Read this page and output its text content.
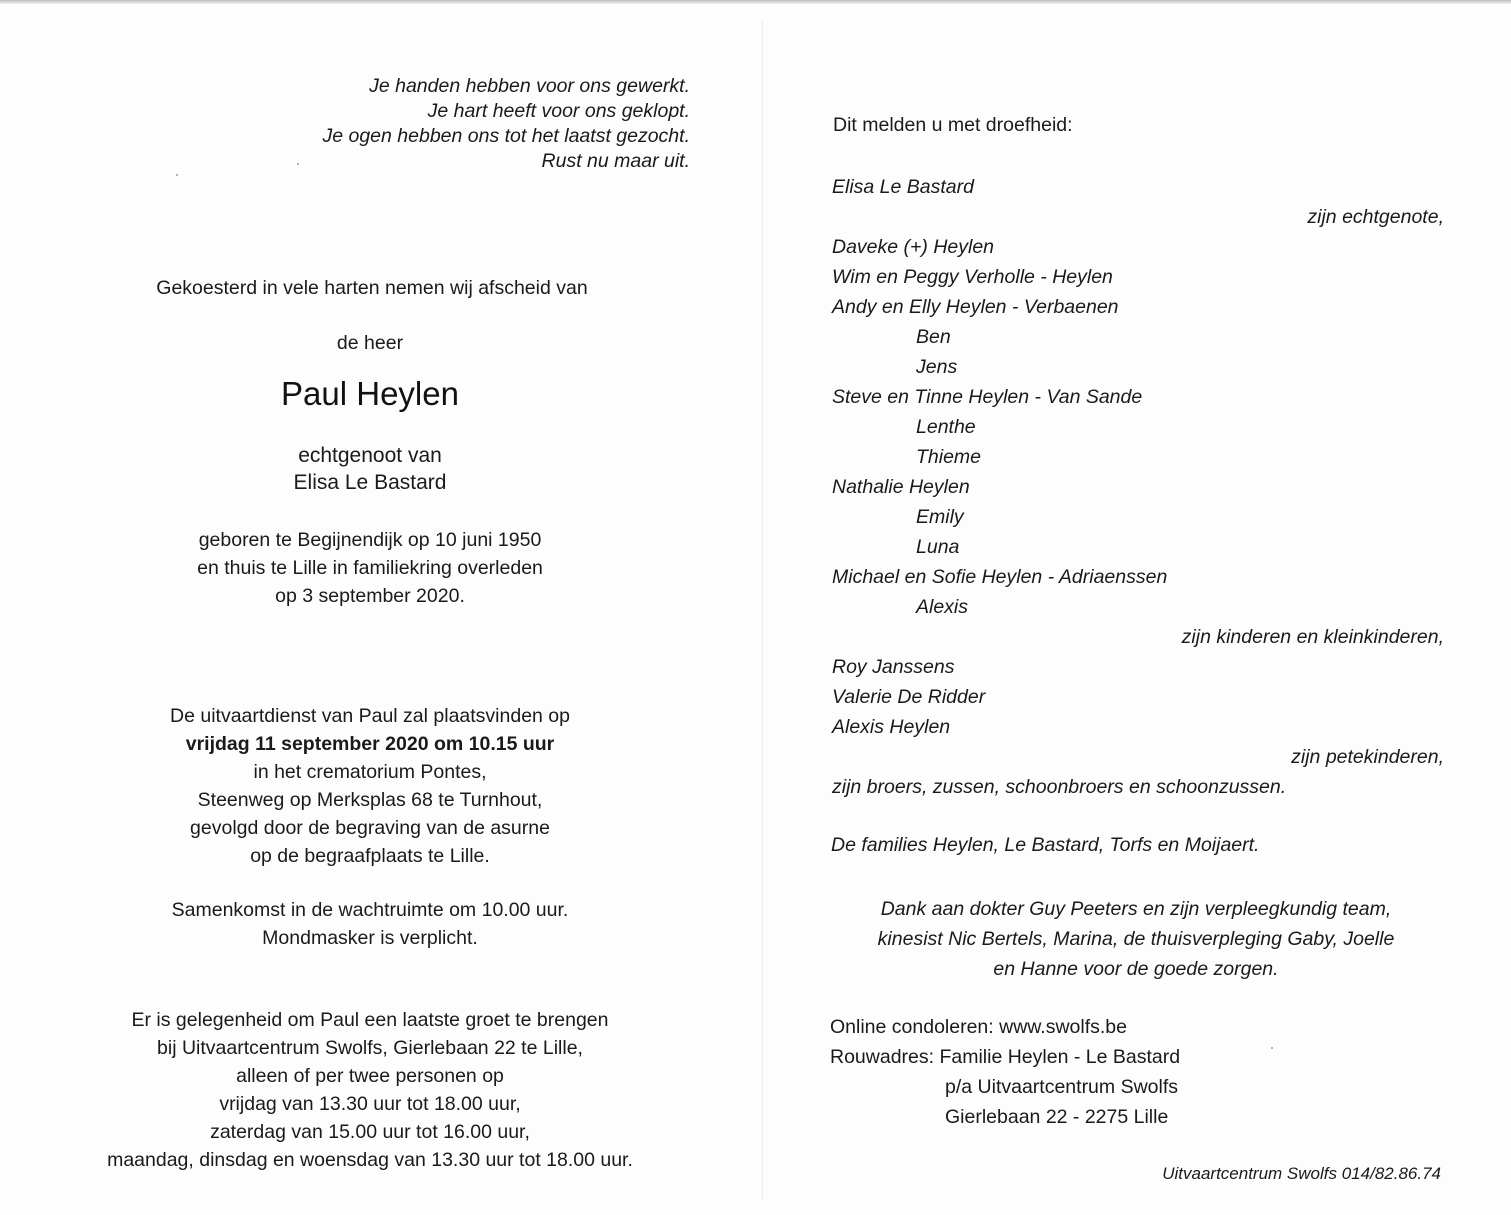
Je handen hebben voor ons gewerkt.
Je hart heeft voor ons geklopt.
Je ogen hebben ons tot het laatst gezocht.
Rust nu maar uit.
Gekoesterd in vele harten nemen wij afscheid van
de heer
Paul Heylen
echtgenoot van
Elisa Le Bastard
geboren te Begijnendijk op 10 juni 1950
en thuis te Lille in familiekring overleden
op 3 september 2020.
De uitvaartdienst van Paul zal plaatsvinden op
vrijdag 11 september 2020 om 10.15 uur
in het crematorium Pontes,
Steenweg op Merksplas 68 te Turnhout,
gevolgd door de begraving van de asurne
op de begraafplaats te Lille.
Samenkomst in de wachtruimte om 10.00 uur.
Mondmasker is verplicht.
Er is gelegenheid om Paul een laatste groet te brengen
bij Uitvaartcentrum Swolfs, Gierlebaan 22 te Lille,
alleen of per twee personen op
vrijdag van 13.30 uur tot 18.00 uur,
zaterdag van 15.00 uur tot 16.00 uur,
maandag, dinsdag en woensdag van 13.30 uur tot 18.00 uur.
Dit melden u met droefheid:
Elisa Le Bastard
zijn echtgenote,
Daveke (+) Heylen
Wim en Peggy Verholle - Heylen
Andy en Elly Heylen - Verbaenen
Ben
Jens
Steve en Tinne Heylen - Van Sande
Lenthe
Thieme
Nathalie Heylen
Emily
Luna
Michael en Sofie Heylen - Adriaenssen
Alexis
zijn kinderen en kleinkinderen,
Roy Janssens
Valerie De Ridder
Alexis Heylen
zijn petekinderen,
zijn broers, zussen, schoonbroers en schoonzussen.
De families Heylen, Le Bastard, Torfs en Moijaert.
Dank aan dokter Guy Peeters en zijn verpleegkundig team,
kinesist Nic Bertels, Marina, de thuisverpleging Gaby, Joelle
en Hanne voor de goede zorgen.
Online condoleren: www.swolfs.be
Rouwadres: Familie Heylen - Le Bastard
p/a Uitvaartcentrum Swolfs
Gierlebaan 22 - 2275 Lille
Uitvaartcentrum Swolfs 014/82.86.74
